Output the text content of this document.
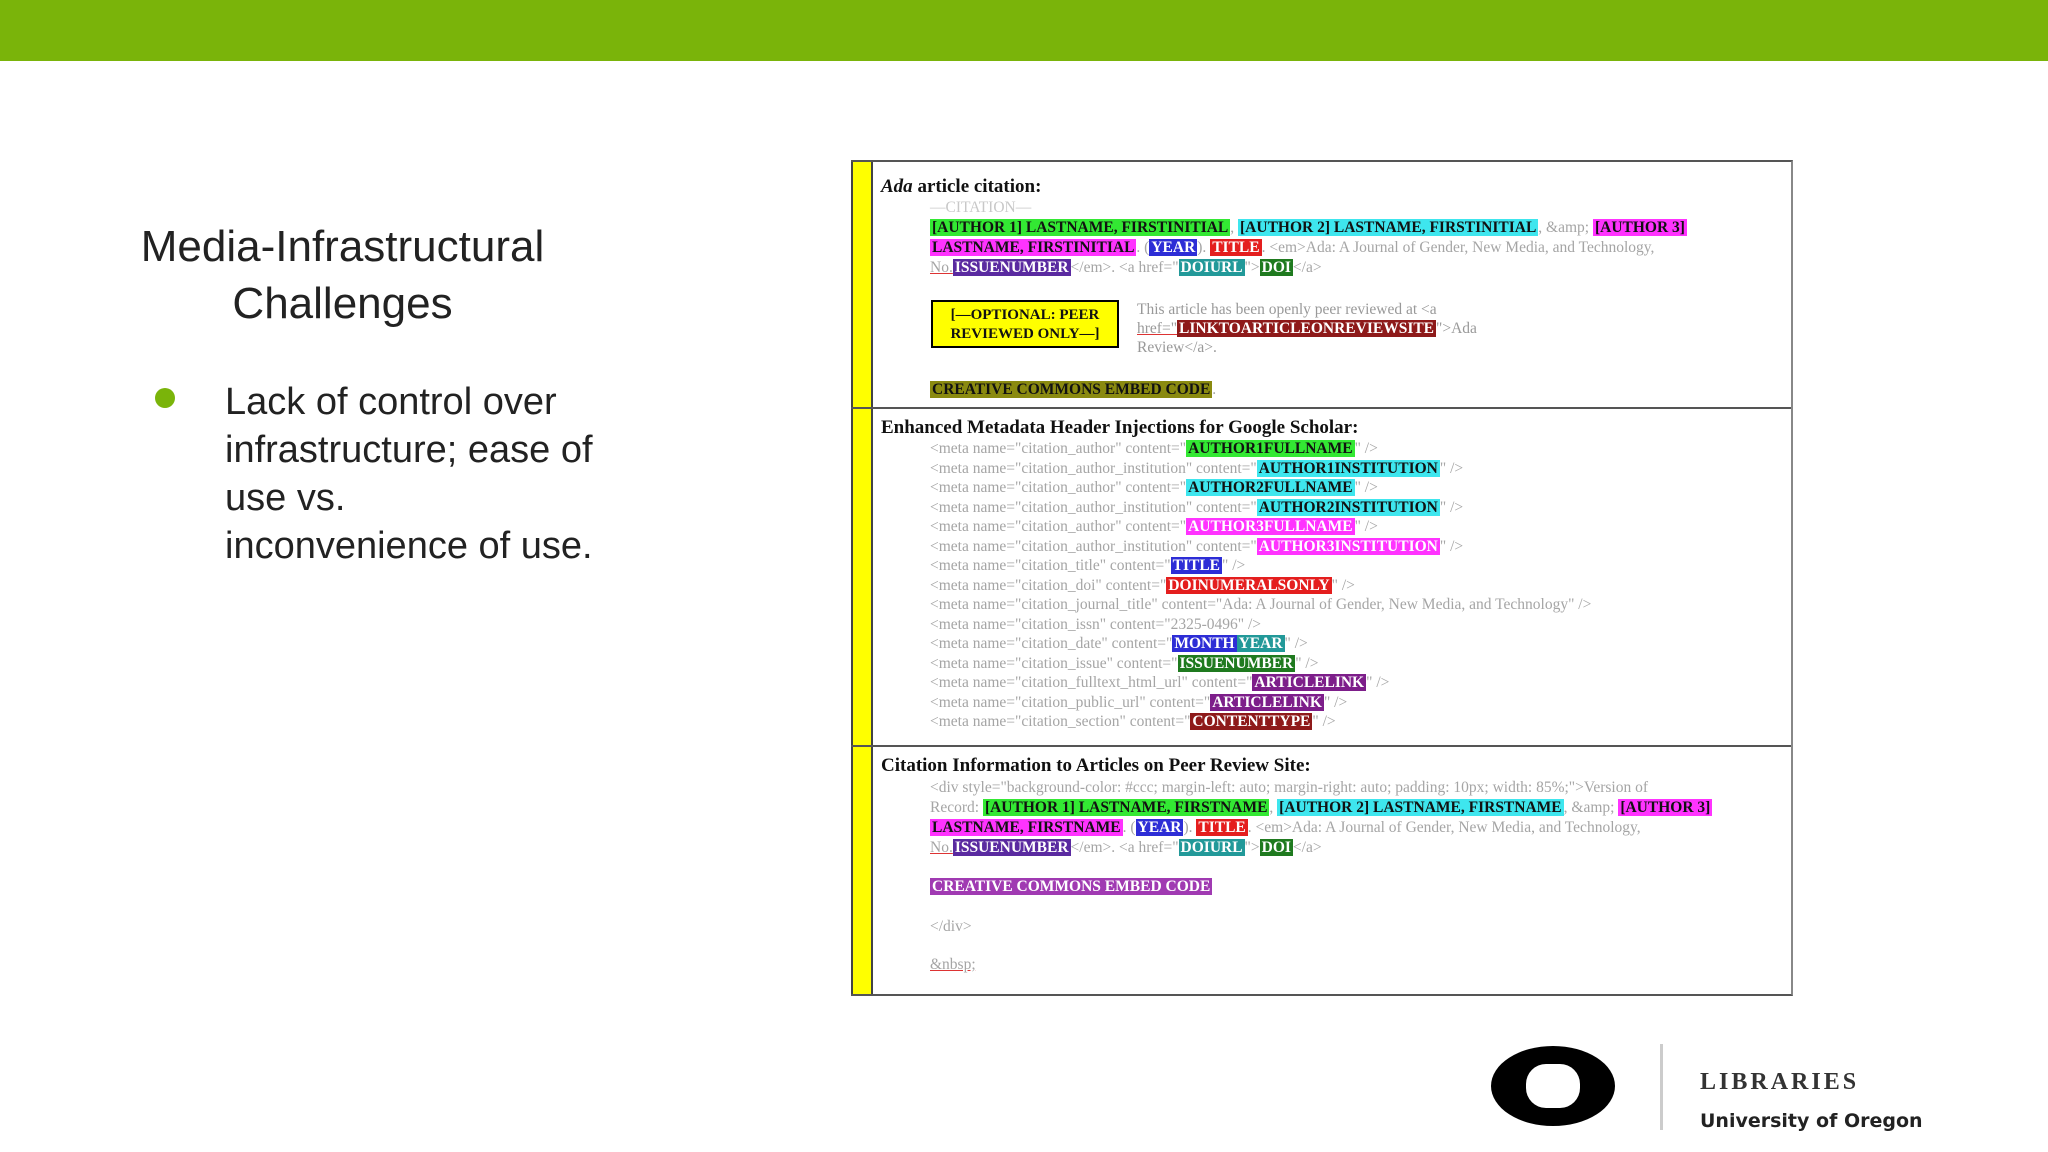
Media-Infrastructural
Challenges

Lack of control over infrastructure; ease of use vs. inconvenience of use.

Ada article citation:
—CITATION—
[AUTHOR 1] LASTNAME, FIRSTINITIAL , [AUTHOR 2] LASTNAME, FIRSTINITIAL , &amp; [AUTHOR 3]
LASTNAME, FIRSTINITIAL . ( YEAR ). TITLE . <em>Ada: A Journal of Gender, New Media, and Technology,
No. ISSUENUMBER </em>. <a href=" DOIURL "> DOI </a>
[—OPTIONAL: PEER REVIEWED ONLY—]
This article has been openly peer reviewed at <a
href=" LINKTOARTICLEONREVIEWSITE ">Ada Review</a>.
CREATIVE COMMONS EMBED CODE .
Enhanced Metadata Header Injections for Google Scholar:
<meta name="citation_author" content=" AUTHOR1FULLNAME " />
<meta name="citation_author_institution" content=" AUTHOR1INSTITUTION " />
<meta name="citation_author" content=" AUTHOR2FULLNAME " />
<meta name="citation_author_institution" content=" AUTHOR2INSTITUTION " />
<meta name="citation_author" content=" AUTHOR3FULLNAME " />
<meta name="citation_author_institution" content=" AUTHOR3INSTITUTION " />
<meta name="citation_title" content=" TITLE " />
<meta name="citation_doi" content=" DOINUMERALSONLY " />
<meta name="citation_journal_title" content="Ada: A Journal of Gender, New Media, and Technology" />
<meta name="citation_issn" content="2325-0496" />
<meta name="citation_date" content=" MONTH YEAR " />
<meta name="citation_issue" content=" ISSUENUMBER " />
<meta name="citation_fulltext_html_url" content=" ARTICLELINK " />
<meta name="citation_public_url" content=" ARTICLELINK " />
<meta name="citation_section" content=" CONTENTTYPE " />
Citation Information to Articles on Peer Review Site:
<div style="background-color: #ccc; margin-left: auto; margin-right: auto; padding: 10px; width: 85%;">Version of
Record: [AUTHOR 1] LASTNAME, FIRSTNAME , [AUTHOR 2] LASTNAME, FIRSTNAME , &amp; [AUTHOR 3]
LASTNAME, FIRSTNAME . ( YEAR ). TITLE . <em>Ada: A Journal of Gender, New Media, and Technology,
No. ISSUENUMBER </em>. <a href=" DOIURL "> DOI </a>
CREATIVE COMMONS EMBED CODE
</div>
&nbsp;
LIBRARIES
University of Oregon
